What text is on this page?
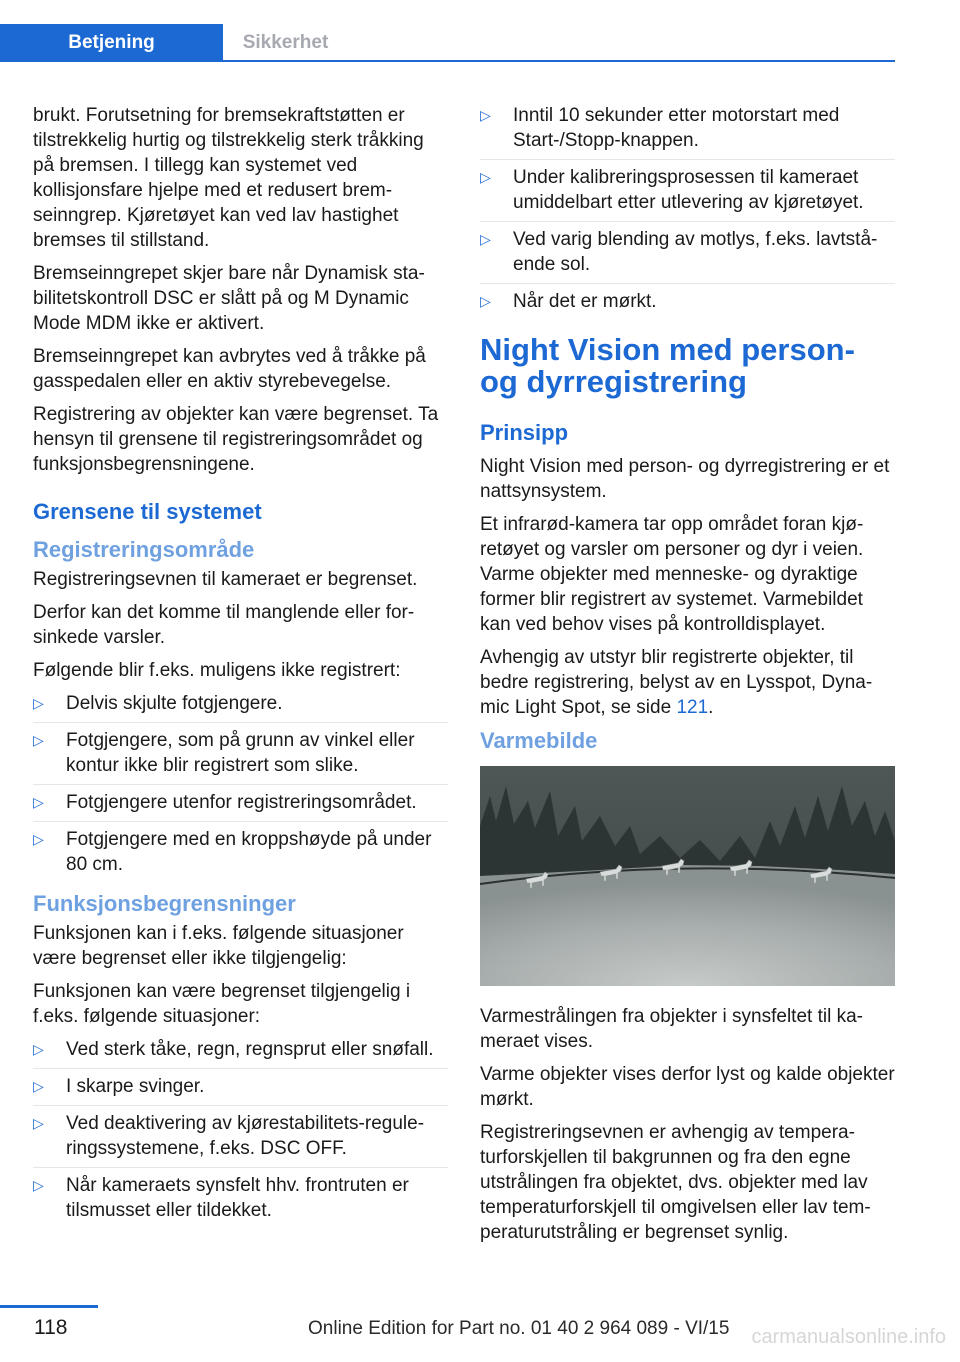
Betjening	Sikkerhet

brukt. Forutsetning for bremsekraftstøtten er tilstrekkelig hurtig og tilstrekkelig sterk tråkking på bremsen. I tillegg kan systemet ved kollisjonsfare hjelpe med et redusert bremseinngrep. Kjøretøyet kan ved lav hastighet bremses til stillstand.

Bremseinngrepet skjer bare når Dynamisk stabilitetskontroll DSC er slått på og M Dynamic Mode MDM ikke er aktivert.

Bremseinngrepet kan avbrytes ved å tråkke på gasspedalen eller en aktiv styrebevegelse.

Registrering av objekter kan være begrenset. Ta hensyn til grensene til registreringsområdet og funksjonsbegrensningene.

Grensene til systemet
Registreringsområde

Registreringsevnen til kameraet er begrenset.

Derfor kan det komme til manglende eller forsinkede varsler.

Følgende blir f.eks. muligens ikke registrert:

▷ Delvis skjulte fotgjengere.
▷ Fotgjengere, som på grunn av vinkel eller kontur ikke blir registrert som slike.
▷ Fotgjengere utenfor registreringsområdet.
▷ Fotgjengere med en kroppshøyde på under 80 cm.
Funksjonsbegrensninger

Funksjonen kan i f.eks. følgende situasjoner være begrenset eller ikke tilgjengelig:

Funksjonen kan være begrenset tilgjengelig i f.eks. følgende situasjoner:

▷ Ved sterk tåke, regn, regnsprut eller snøfall.
▷ I skarpe svinger.
▷ Ved deaktivering av kjørestabilitets-reguleringssystemene, f.eks. DSC OFF.
▷ Når kameraets synsfelt hhv. frontruten er tilsmusset eller tildekket.
▷ Inntil 10 sekunder etter motorstart med Start-/Stopp-knappen.
▷ Under kalibreringsprosessen til kameraet umiddelbart etter utlevering av kjøretøyet.
▷ Ved varig blending av motlys, f.eks. lavtstående sol.
▷ Når det er mørkt.
Night Vision med person- og dyrregistrering
Prinsipp

Night Vision med person- og dyrregistrering er et nattsynsystem.

Et infrarød-kamera tar opp området foran kjøretøyet og varsler om personer og dyr i veien. Varme objekter med menneske- og dyraktige former blir registrert av systemet. Varmebildet kan ved behov vises på kontrolldisplayet.

Avhengig av utstyr blir registrerte objekter, til bedre registrering, belyst av en Lysspot, Dynamic Light Spot, se side 121.

Varmebilde

Varmestrålingen fra objekter i synsfeltet til kameraet vises.

Varme objekter vises derfor lyst og kalde objekter mørkt.

Registreringsevnen er avhengig av temperaturforskjellen til bakgrunnen og fra den egne utstrålingen fra objektet, dvs. objekter med lav temperaturforskjell til omgivelsen eller lav temperaturutstråling er begrenset synlig.

118	Online Edition for Part no. 01 40 2 964 089 - VI/15 carmanualsonline.info
